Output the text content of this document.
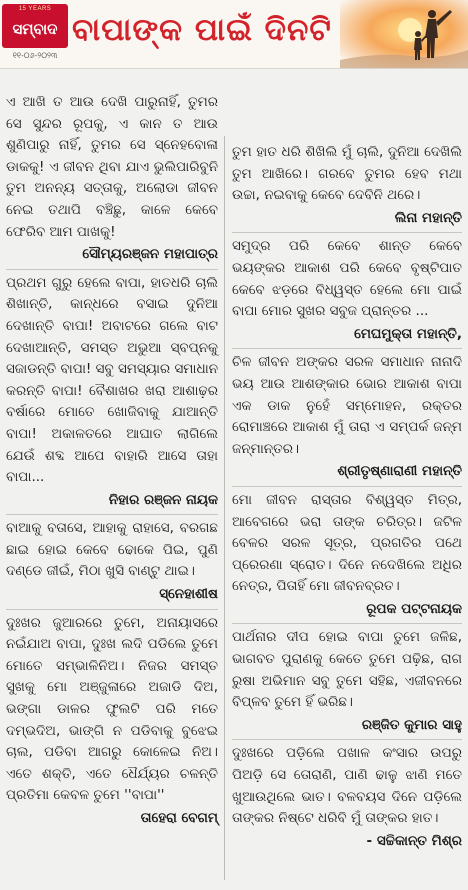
15 YEARS
ସମ୍ବାଦ
୧୧-୦୬-୨୦୨୩
ବାପାଙ୍କ ପାଇଁ ଦିନଟି
ଏ ଆଖି ତ ଆଉ ଦେଖି ପାରୁନାହିଁ, ତୁମର ସେ ସୁନ୍ଦର ରୂପକୁ, ଏ କାନ ତ ଆଉ ଶୁଣିପାରୁ ନାହିଁ, ତୁମର ସେ ସ୍ନେହବୋଳା ଡାକକୁ! ଏ ଜୀବନ ଥିବା ଯାଏ ଭୁଲିପାରିବୁନି ତୁମ ଅନନ୍ୟ ସତ୍ତାକୁ, ଅଲୋଡା ଜୀବନ ନେଇ ତଥାପି ବଞ୍ଚିଛୁ, କାଳେ କେବେ ଫେରିବ ଆମ ପାଖକୁ!
ସୌମ୍ୟରଞ୍ଜନ ମହାପାତ୍ର
ପ୍ରଥମ ଗୁରୁ ହେଲେ ବାପା, ହାତଧରି ଚାଲି ଶିଖାନ୍ତି, କାନ୍ଧରେ ବସାଇ ଦୁନିଆ ଦେଖାନ୍ତି ବାପା! ଅବାଟରେ ଗଲେ ବାଟ ଦେଖାଆନ୍ତି, ସମସ୍ତ ଅଭୁଆ ସ୍ବପ୍ନକୁ ସଜାଡନ୍ତି ବାପା! ସବୁ ସମସ୍ୟାର ସମାଧାନ କରନ୍ତି ବାପା! ବୈଶାଖର ଖରା ଆଶାଢ଼ର ବର୍ଷାରେ ମୋତେ ଖୋଜିବାକୁ ଯାଆନ୍ତି ବାପା! ଅକାଳତରେ ଆଘାତ ଲାଗିଲେ ଯେଉଁ ଶବ୍ଦ ଆପେ ବାହାରି ଆସେ ତାହା ବାପା...
ନିହାର ରଞ୍ଜନ ନାୟକ
ବାଆକୁ ବତାସେ, ଆହାକୁ ରାହାସେ, ବରଗଛ ଛାଇ ହୋଇ କେବେ ଢୋକେ ପିଇ, ପୁଣି ଦଣ୍ଡେ ଜୀଇଁ, ମିଠା ଖୁସି ବାଣ୍ଟୁ ଥାଇ।
ସ୍ନେହାଶୀଷ
ଦୁଃଖର ଜୁଆରରେ ତୁମେ, ଅନାୟାସରେ ନଇଁଯାଅ ବାପା, ଦୁଃଖ ଲଦି ପଡିଲେ ତୁମେ ମୋତେ ସମ୍ଭାଳିନିଅ। ନିଜର ସମସ୍ତ ସୁଖକୁ ମୋ ଅଞ୍ଜୁଳାରେ ଅଜାଡି ଦିଅ, ଭଙ୍ଗା ଡାଳର ଫୁଲଟି ପରି ମତେ ଦମ୍ଭଦିଅ, ଭାଙ୍ଗି ନ ପଡିବାକୁ ବୁଝେଇ ଚାଲ, ପଡିବା ଆଗରୁ କୋଳେଇ ନିଅ। ଏତେ ଶକ୍ତି, ଏତେ ଧୈର୍ଯ୍ୟର ଚଳନ୍ତି ପ୍ରତିମା କେବଳ ତୁମେ ''ବାପା''
ତାହେରା ବେଗମ୍
ତୁମ ହାତ ଧରି ଶିଖିଲି ମୁଁ ଚାଲି, ଦୁନିଆ ଦେଖିଲି ତୁମ ଆଖିରେ। ଗରବେ ତୁମର ହେବ ମଥା ଉଚ୍ଚା, ନଇବାକୁ କେବେ ଦେବିନି ଥରେ।
ଲିନା ମହାନ୍ତି
ସମୁଦ୍ର ପରି କେବେ ଶାନ୍ତ କେବେ ଭୟଙ୍କର ଆକାଶ ପରି କେବେ ବୃଷ୍ଟିପାତ କେବେ ଝଡ଼ରେ ବିଧ୍ୱସ୍ତ ହେଲେ ମୋ ପାଇଁ ବାପା ମୋର ସୁଖର ସବୁଜ ପ୍ରାନ୍ତର ...
ମେଘମୁକ୍ତା ମହାନ୍ତି,
ଚିଳ ଜୀବନ ଅଙ୍କର ସରଳ ସମାଧାନ ନାନାଦି ଭୟ ଆଉ ଆଶଙ୍କାର ଭୋର ଆକାଶ ବାପା ଏକ ଡାକ ନୁହେଁ ସମ୍ମୋହନ, ରକ୍ତର ରୋମାଞ୍ଚରେ ଆକାଶ ମୁଁ ତାରା ଏ ସମ୍ପର୍କ ଜନ୍ମ ଜନ୍ମାନ୍ତର।
ଶ୍ରୀତୃଷ୍ଣାରାଣୀ ମହାନ୍ତି
ମୋ ଜୀବନ ରାସ୍ତାର ବିଶ୍ୱସ୍ତ ମିତ୍ର, ଆବେଗରେ ଭରା ତାଙ୍କ ଚରିତ୍ର। ଜଟିଳ ବେଳର ସରଳ ସୂତ୍ର, ପ୍ରଗତିର ପଥେ ପ୍ରେରଣା ସ୍ରୋତ। ଦିନେ ନଦେଖିଲେ ଅଧିର ନେତ୍ର, ପିତାହିଁ ମୋ ଜୀବନବ୍ରତ।
ରୂପକ ପଟ୍ଟନାୟକ
ପାର୍ଥନାର ଦୀପ ହୋଇ ବାପା ତୁମେ ଜଳିଛ, ଭାଗବତ ପୁରାଣକୁ କେତେ ତୁମେ ପଢ଼ିଛ, ରାଗ ରୁଷା ଅଭିମାନ ସବୁ ତୁମେ ସହିଛ, ଏଜୀବନରେ ବିପ୍ଳବ ତୁମେ ହିଁ ଭରିଛ।
ରଞ୍ଜିତ କୁମାର ସାହୁ
ଦୁଃଖରେ ପଡ଼ିଲେ ପଖାଳ କଂସାର ଉପରୁ ପିଅଡ଼ି ସେ ତୋରାଣି, ପାଣି ଢାଳୁ ଝାଣି ମତେ ଖୁଆଉଥିଲେ ଭାତ। ବଳବୟସ ଦିନେ ପଡ଼ିଲେ ତାଙ୍କର ନିଷ୍ଟେ ଧରିବି ମୁଁ ତାଙ୍କର ହାତ।
- ସଚ୍ଚିକାନ୍ତ ମିଶ୍ର
